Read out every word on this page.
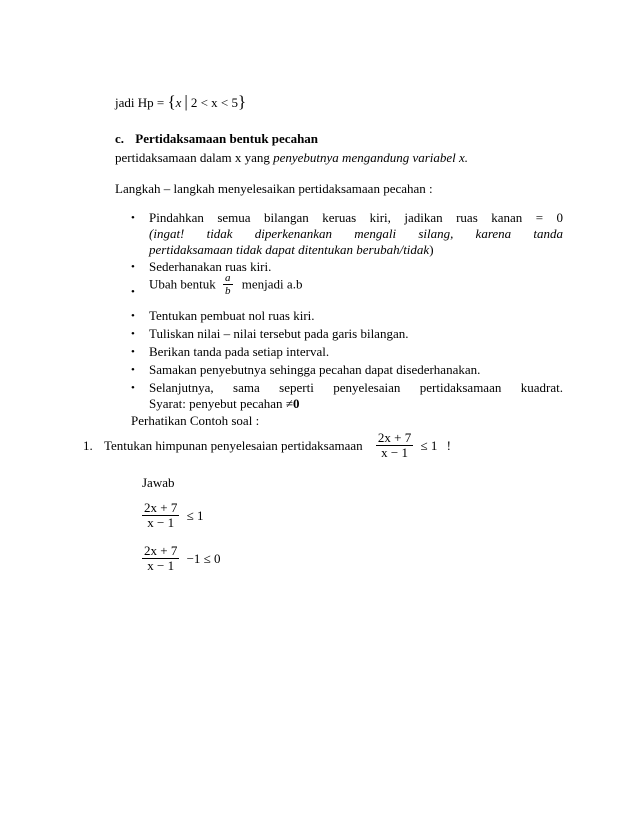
jadi Hp = {x | 2 < x < 5}
c. Pertidaksamaan bentuk pecahan
pertidaksamaan dalam x yang penyebutnya mengandung variabel x.
Langkah – langkah menyelesaikan pertidaksamaan pecahan :
• Pindahkan semua bilangan keruas kiri, jadikan ruas kanan = 0
(ingat! tidak diperkenankan mengali silang, karena tanda
pertidaksamaan tidak dapat ditentukan berubah/tidak)
• Sederhanakan ruas kiri.
•
Ubah bentuk $\frac{a}{b}$ menjadi a.b
• Tentukan pembuat nol ruas kiri.
• Tuliskan nilai – nilai tersebut pada garis bilangan.
• Berikan tanda pada setiap interval.
• Samakan penyebutnya sehingga pecahan dapat disederhanakan.
• Selanjutnya, sama seperti penyelesaian pertidaksamaan kuadrat.
Syarat: penyebut pecahan ≠0
Perhatikan Contoh soal :
1. Tentukan himpunan penyelesaian pertidaksamaan $\frac{2x + 7}{x - 1} \le 1$ !
Jawab
$\frac{2x + 7}{x - 1} \le 1$
$\frac{2x + 7}{x - 1} -1 \le 0$
